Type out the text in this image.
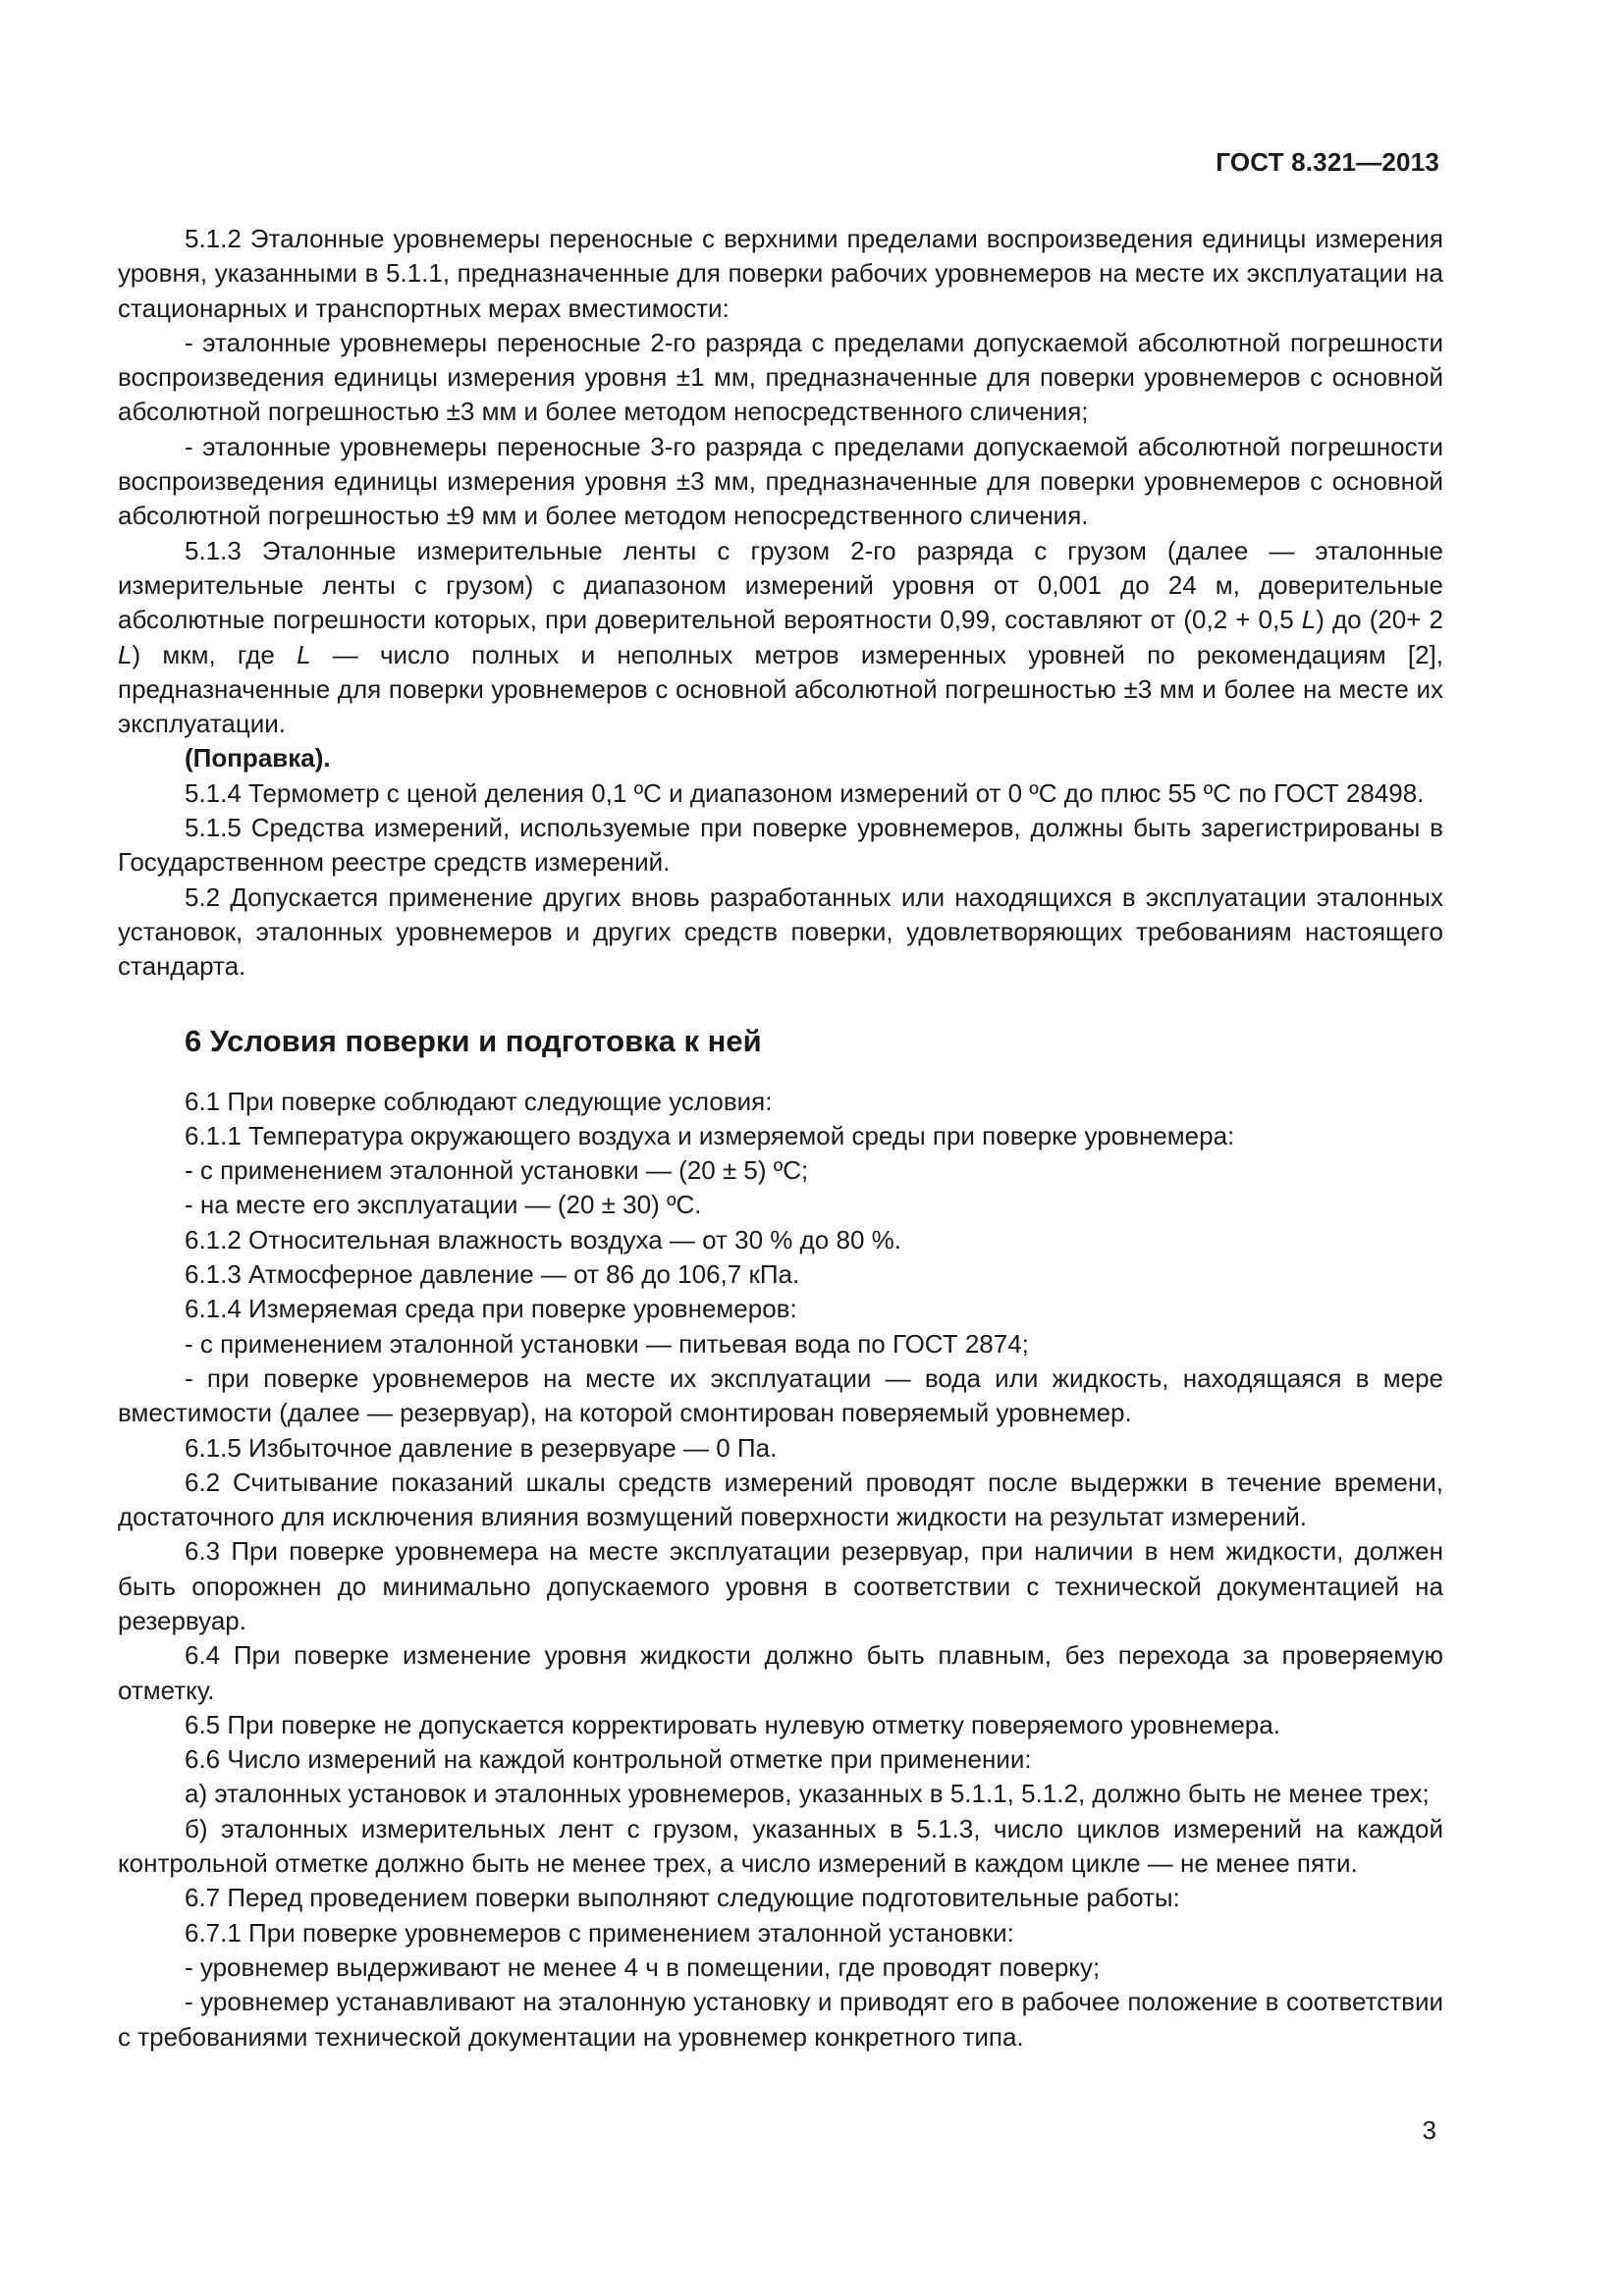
ГОСТ 8.321—2013

5.1.2 Эталонные уровнемеры переносные с верхними пределами воспроизведения единицы измерения уровня, указанными в 5.1.1, предназначенные для поверки рабочих уровнемеров на месте их эксплуатации на стационарных и транспортных мерах вместимости:

- эталонные уровнемеры переносные 2-го разряда с пределами допускаемой абсолютной погрешности воспроизведения единицы измерения уровня ±1 мм, предназначенные для поверки уровнемеров с основной абсолютной погрешностью ±3 мм и более методом непосредственного сличения;

- эталонные уровнемеры переносные 3-го разряда с пределами допускаемой абсолютной погрешности воспроизведения единицы измерения уровня ±3 мм, предназначенные для поверки уровнемеров с основной абсолютной погрешностью ±9 мм и более методом непосредственного сличения.

5.1.3 Эталонные измерительные ленты с грузом 2-го разряда с грузом (далее — эталонные измерительные ленты с грузом) с диапазоном измерений уровня от 0,001 до 24 м, доверительные абсолютные погрешности которых, при доверительной вероятности 0,99, составляют от (0,2 + 0,5 L) до (20+ 2 L) мкм, где L — число полных и неполных метров измеренных уровней по рекомендациям [2], предназначенные для поверки уровнемеров с основной абсолютной погрешностью ±3 мм и более на месте их эксплуатации.

(Поправка).

5.1.4 Термометр с ценой деления 0,1 ºС и диапазоном измерений от 0 ºС до плюс 55 ºС по ГОСТ 28498.

5.1.5 Средства измерений, используемые при поверке уровнемеров, должны быть зарегистрированы в Государственном реестре средств измерений.

5.2 Допускается применение других вновь разработанных или находящихся в эксплуатации эталонных установок, эталонных уровнемеров и других средств поверки, удовлетворяющих требованиям настоящего стандарта.

6 Условия поверки и подготовка к ней

6.1 При поверке соблюдают следующие условия:

6.1.1 Температура окружающего воздуха и измеряемой среды при поверке уровнемера:

- с применением эталонной установки — (20 ± 5) ºС;

- на месте его эксплуатации — (20 ± 30) ºС.

6.1.2 Относительная влажность воздуха — от 30 % до 80 %.

6.1.3 Атмосферное давление — от 86 до 106,7 кПа.

6.1.4 Измеряемая среда при поверке уровнемеров:

- с применением эталонной установки — питьевая вода по ГОСТ 2874;

- при поверке уровнемеров на месте их эксплуатации — вода или жидкость, находящаяся в мере вместимости (далее — резервуар), на которой смонтирован поверяемый уровнемер.

6.1.5 Избыточное давление в резервуаре — 0 Па.

6.2 Считывание показаний шкалы средств измерений проводят после выдержки в течение времени, достаточного для исключения влияния возмущений поверхности жидкости на результат измерений.

6.3 При поверке уровнемера на месте эксплуатации резервуар, при наличии в нем жидкости, должен быть опорожнен до минимально допускаемого уровня в соответствии с технической документацией на резервуар.

6.4 При поверке изменение уровня жидкости должно быть плавным, без перехода за проверяемую отметку.

6.5 При поверке не допускается корректировать нулевую отметку поверяемого уровнемера.

6.6 Число измерений на каждой контрольной отметке при применении:

а) эталонных установок и эталонных уровнемеров, указанных в 5.1.1, 5.1.2, должно быть не менее трех;

б) эталонных измерительных лент с грузом, указанных в 5.1.3, число циклов измерений на каждой контрольной отметке должно быть не менее трех, а число измерений в каждом цикле — не менее пяти.

6.7 Перед проведением поверки выполняют следующие подготовительные работы:

6.7.1 При поверке уровнемеров с применением эталонной установки:

- уровнемер выдерживают не менее 4 ч в помещении, где проводят поверку;

- уровнемер устанавливают на эталонную установку и приводят его в рабочее положение в соответствии с требованиями технической документации на уровнемер конкретного типа.

3
